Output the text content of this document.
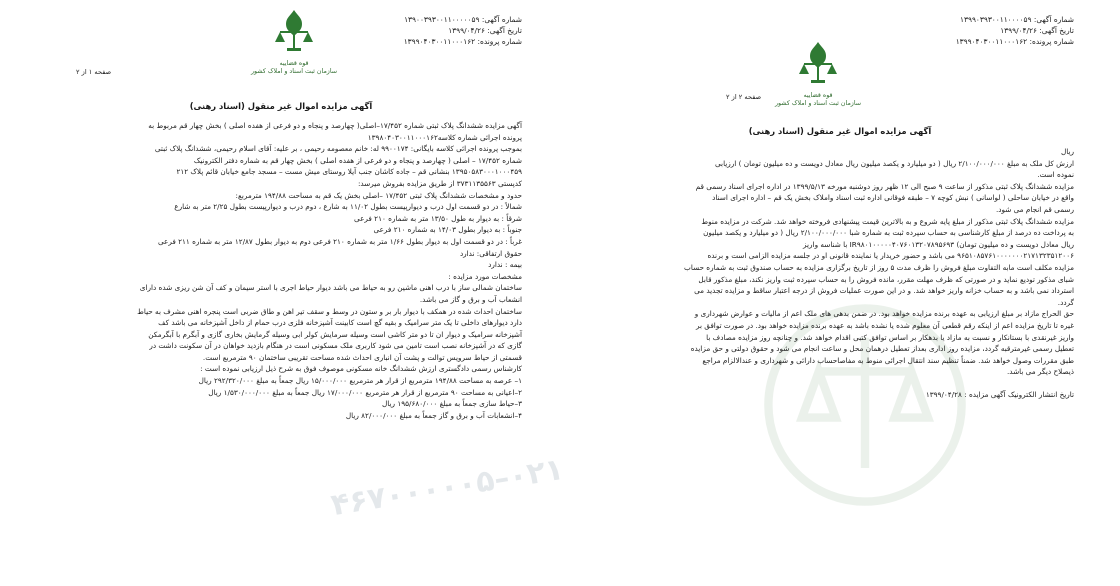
۰۲۱–۴۶۷۰۰۰۰۰۵
شماره آگهی: ۱۳۹۰۰۳۹۳۰۰۱۱۰۰۰۰۰۵۹
تاریخ آگهی: ۱۳۹۹/۰۴/۲۶
شماره پرونده: ۱۳۹۹۰۴۰۳۰۰۱۱۰۰۰۱۶۲
قوه قضاییه
سازمان ثبت اسناد و املاک کشور
صفحه ۱ از ۲
آگهی مزایده اموال غیر منقول (اسناد رهنی)

آگهی مزایده ششدانگ پلاک ثبتی شماره ۱۷/۴۵۲–اصلی( چهارصد و پنجاه و دو فرعی از هفده اصلی ) بخش چهار قم مربوط به

پرونده اجرائی شماره کلاسه۱۳۹۸۰۴۰۳۰۰۱۱۰۰۰۱۶۲

بموجب پرونده اجرائی کلاسه بایگانی: ۹۹۰۰۱۷۴ له: خانم معصومه رحیمی ، بر علیه: آقای اسلام رحیمی، ششدانگ پلاک ثبتی

شماره ۱۷/۴۵۲ – اصلی ( چهارصد و پنجاه و دو فرعی از هفده اصلی ) بخش چهار قم به شماره دفتر الکترونیک

۱۳۹۵۰۵۸۳۰۰۰۱۰۰۰۴۵۹ بنشانی قم – جاده کاشان جنب آیلا روستای میش مست – مسجد جامع خیابان قائم پلاک ۲۱۲

کدپستی ۳۷۳۱۱۳۵۵۶۳ از طریق مزایده بفروش میرسد:

حدود و مشخصات ششدانگ پلاک ثبتی ۱۷/۴۵۲ –اصلی بخش یک قم به مساحت ۱۹۴/۸۸ مترمربع:

شمالاً : در دو قسمت اول درب و دیوارپیست بطول ۱۱/۰۲ به شارع ، دوم درب و دیوارپیست بطول ۲/۲۵ متر به شارع

شرقاً : به دیوار به طول ۱۳/۵۰ متر به شماره ۲۱۰ فرعی

جنوباً : به دیوار بطول ۱۴/۰۳ به شماره ۲۱۰ فرعی

غرباً : در دو قسمت اول به دیوار بطول ۱/۶۶ متر به شماره ۲۱۰ فرعی دوم به دیوار بطول ۱۲/۸۷ متر به شماره ۲۱۱ فرعی

حقوق ارتفاقی: ندارد

بیمه : ندارد

مشخصات مورد مزایده :

ساختمان شمالی ساز با درب اهنی ماشین رو به حیاط می باشد دیوار حیاط اجری با استر سیمان و کف آن شن ریزی شده دارای

انشعاب آب و برق و گاز می باشد.

ساختمان احداث شده در همکف با دیوار بار بر و ستون در وسط و سقف تیر اهن و طاق ضربی است پنجره اهنی مشرف به حیاط

دارد دیوارهای داخلی تا یک متر سرامیک و بقیه گچ است کابینت آشپزخانه فلزی درب حمام از داخل آشپزخانه می باشد کف

آشپزخانه سرامیک و دیوار ان تا دو متر کاشی است وسیله سرمایش کولر ابی وسیله گرمایش بخاری گازی و آبگرم با آبگرمکن

گازی که در آشپزخانه نصب است تامین می شود کاربری ملک مسکونی است در هنگام بازدید خواهان در آن سکونت داشت در

قسمتی از حیاط سرویس توالت و پشت آن انباری احداث شده مساحت تقریبی ساختمان ۹۰ مترمربع است.

کارشناس رسمی دادگستری ارزش ششدانگ خانه مسکونی موصوف فوق به شرح ذیل ارزیابی نموده است :

۱– عرصه به مساحت ۱۹۴/۸۸ مترمربع از قرار هر مترمربع ۱۵/۰۰۰/۰۰۰ ریال جمعاً به مبلغ ۲۹۲/۳۲۰/۰۰۰ ریال

۲–اعیانی به مساحت ۹۰ مترمربع از قرار هر مترمربع ۱۷/۰۰۰/۰۰۰ ریال جمعاً به مبلغ ۱/۵۳۰/۰۰۰/۰۰۰ ریال

۳–حیاط سازی جمعاً به مبلغ ۱۹۵/۶۸۰/۰۰۰ ریال

۴–انشعابات آب و برق و گاز جمعاً به مبلغ ۸۲/۰۰۰/۰۰۰ ریال

شماره آگهی: ۱۳۹۹۰۳۹۳۰۰۱۱۰۰۰۰۵۹
تاریخ آگهی: ۱۳۹۹/۰۴/۲۶
شماره پرونده: ۱۳۹۹۰۴۰۳۰۰۱۱۰۰۰۱۶۲
قوه قضاییه
سازمان ثبت اسناد و املاک کشور
صفحه ۲ از ۲
آگهی مزایده اموال غیر منقول (اسناد رهنی)

ریال

ارزش کل ملک به مبلغ ۲/۱۰۰/۰۰۰/۰۰۰ ریال ( دو میلیارد و یکصد میلیون ریال معادل دویست و ده میلیون تومان ) ارزیابی

نموده است.

مزایده ششدانگ پلاک ثبتی مذکور از ساعت ۹ صبح الی ۱۲ ظهر روز دوشنبه مورخه ۱۳۹۹/۵/۱۳ در اداره اجرای اسناد رسمی قم

واقع در خیابان ساحلی ( لواسانی ) نبش کوچه ۷ – طبقه فوقانی اداره ثبت اسناد واملاک بخش یک قم – اداره اجرای اسناد

رسمی قم انجام می شود.

مزایده ششدانگ پلاک ثبتی مذکور از مبلغ پایه شروع و به بالاترین قیمت پیشنهادی فروخته خواهد شد. شرکت در مزایده منوط

به پرداخت ده درصد از مبلغ کارشناسی به حساب سپرده ثبت به شماره شبا ۲/۱۰۰/۰۰۰/۰۰۰ ریال ( دو میلیارد و یکصد میلیون

ریال معادل دویست و ده میلیون تومان) IR۹۸۰۱۰۰۰۰۰۴۰۷۶۰۱۳۲۰۷۸۹۵۶۹۳ با شناسه واریز

۹۶۵۱۰۸۵۷۶۱۰۰۰۰۰۰۰۲۱۷۱۳۲۳۵۱۲۰۰۶ می باشد و حضور خریدار یا نماینده قانونی او در جلسه مزایده الزامی است و برنده

مزایده مکلف است مابه التفاوت مبلغ فروش را ظرف مدت ۵ روز از تاریخ برگزاری مزایده به حساب صندوق ثبت به شماره حساب

شبای مذکور تودیع نماید و در صورتی که ظرف مهلت مقرر، مانده فروش را به حساب سپرده ثبت واریز نکند، مبلغ مذکور قابل

استرداد نمی باشد و به حساب خزانه واریز خواهد شد. و در این صورت عملیات فروش از درجه اعتبار ساقط و مزایده تجدید می

گردد.

حق الحراج مازاد بر مبلغ ارزیابی به عهده برنده مزایده خواهد بود. در ضمن بدهی های ملک اعم از مالیات و عوارض شهرداری و

غیره تا تاریخ مزایده اعم از اینکه رقم قطعی آن معلوم شده یا نشده باشد به عهده برنده مزایده خواهد بود. در صورت توافق بر

واریز غیرنقدی با بستانکار و نسبت به مازاد یا بدهکار بر اساس توافق کتبی اقدام خواهد شد. و چنانچه روز مزایده مصادف با

تعطیل رسمی غیرمترقبه گردد، مزایده روز اداری بعداز تعطیل درهمان محل و ساعت انجام می شود و حقوق دولتی و حق مزایده

طبق مقررات وصول خواهد شد. ضمناً تنظیم سند انتقال اجرائی منوط به مفاصاحساب دارائی و شهرداری و عندالالزام مراجع

ذیصلاح دیگر می باشد.

تاریخ انتشار الکترونیک آگهی مزایده : ۱۳۹۹/۰۴/۲۸
